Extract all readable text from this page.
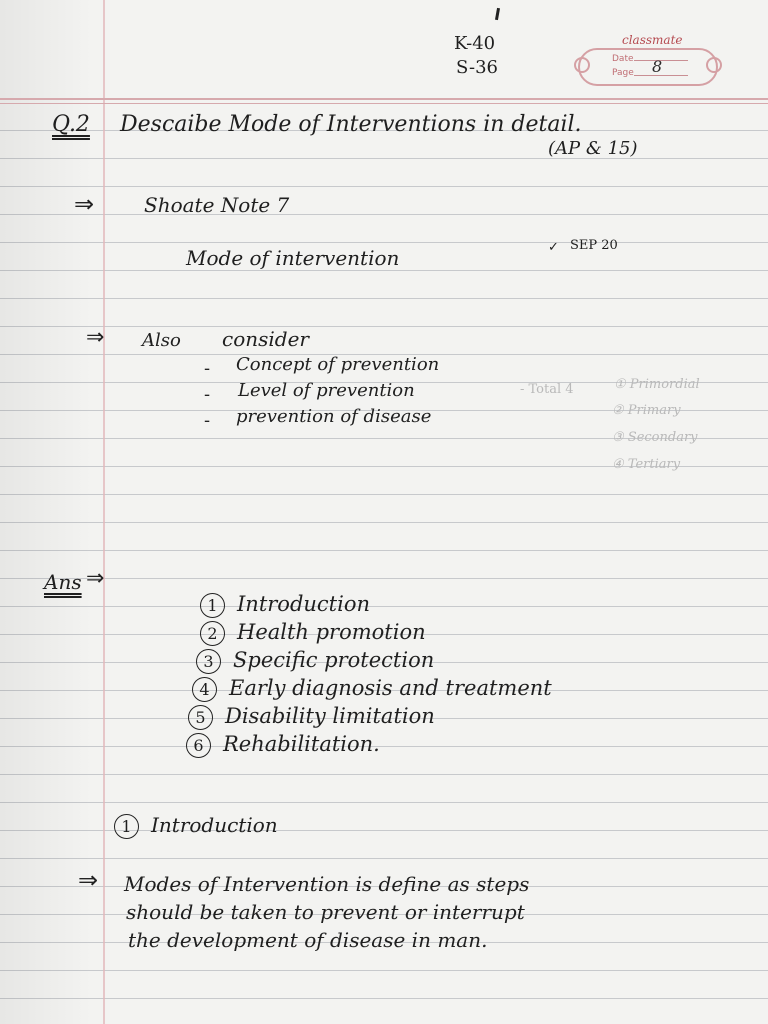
K-40
S-36
classmate
Date
Page 8
Q.2 Descaibe Mode of Interventions in detail.
(AP & 15)
⇒ Shoate Note 7
Mode of intervention	✓ SEP 20
⇒ Also consider
- Concept of prevention
- Level of prevention	- Total 4
- prevention of disease
① Primordial
② Primary
③ Secondary
④ Tertiary
Ans ⇒
1 Introduction
2 Health promotion
3 Specific protection
4 Early diagnosis and treatment
5 Disability limitation
6 Rehabilitation.
1 Introduction
⇒ Modes of Intervention is define as steps
should be taken to prevent or interrupt
the development of disease in man.
